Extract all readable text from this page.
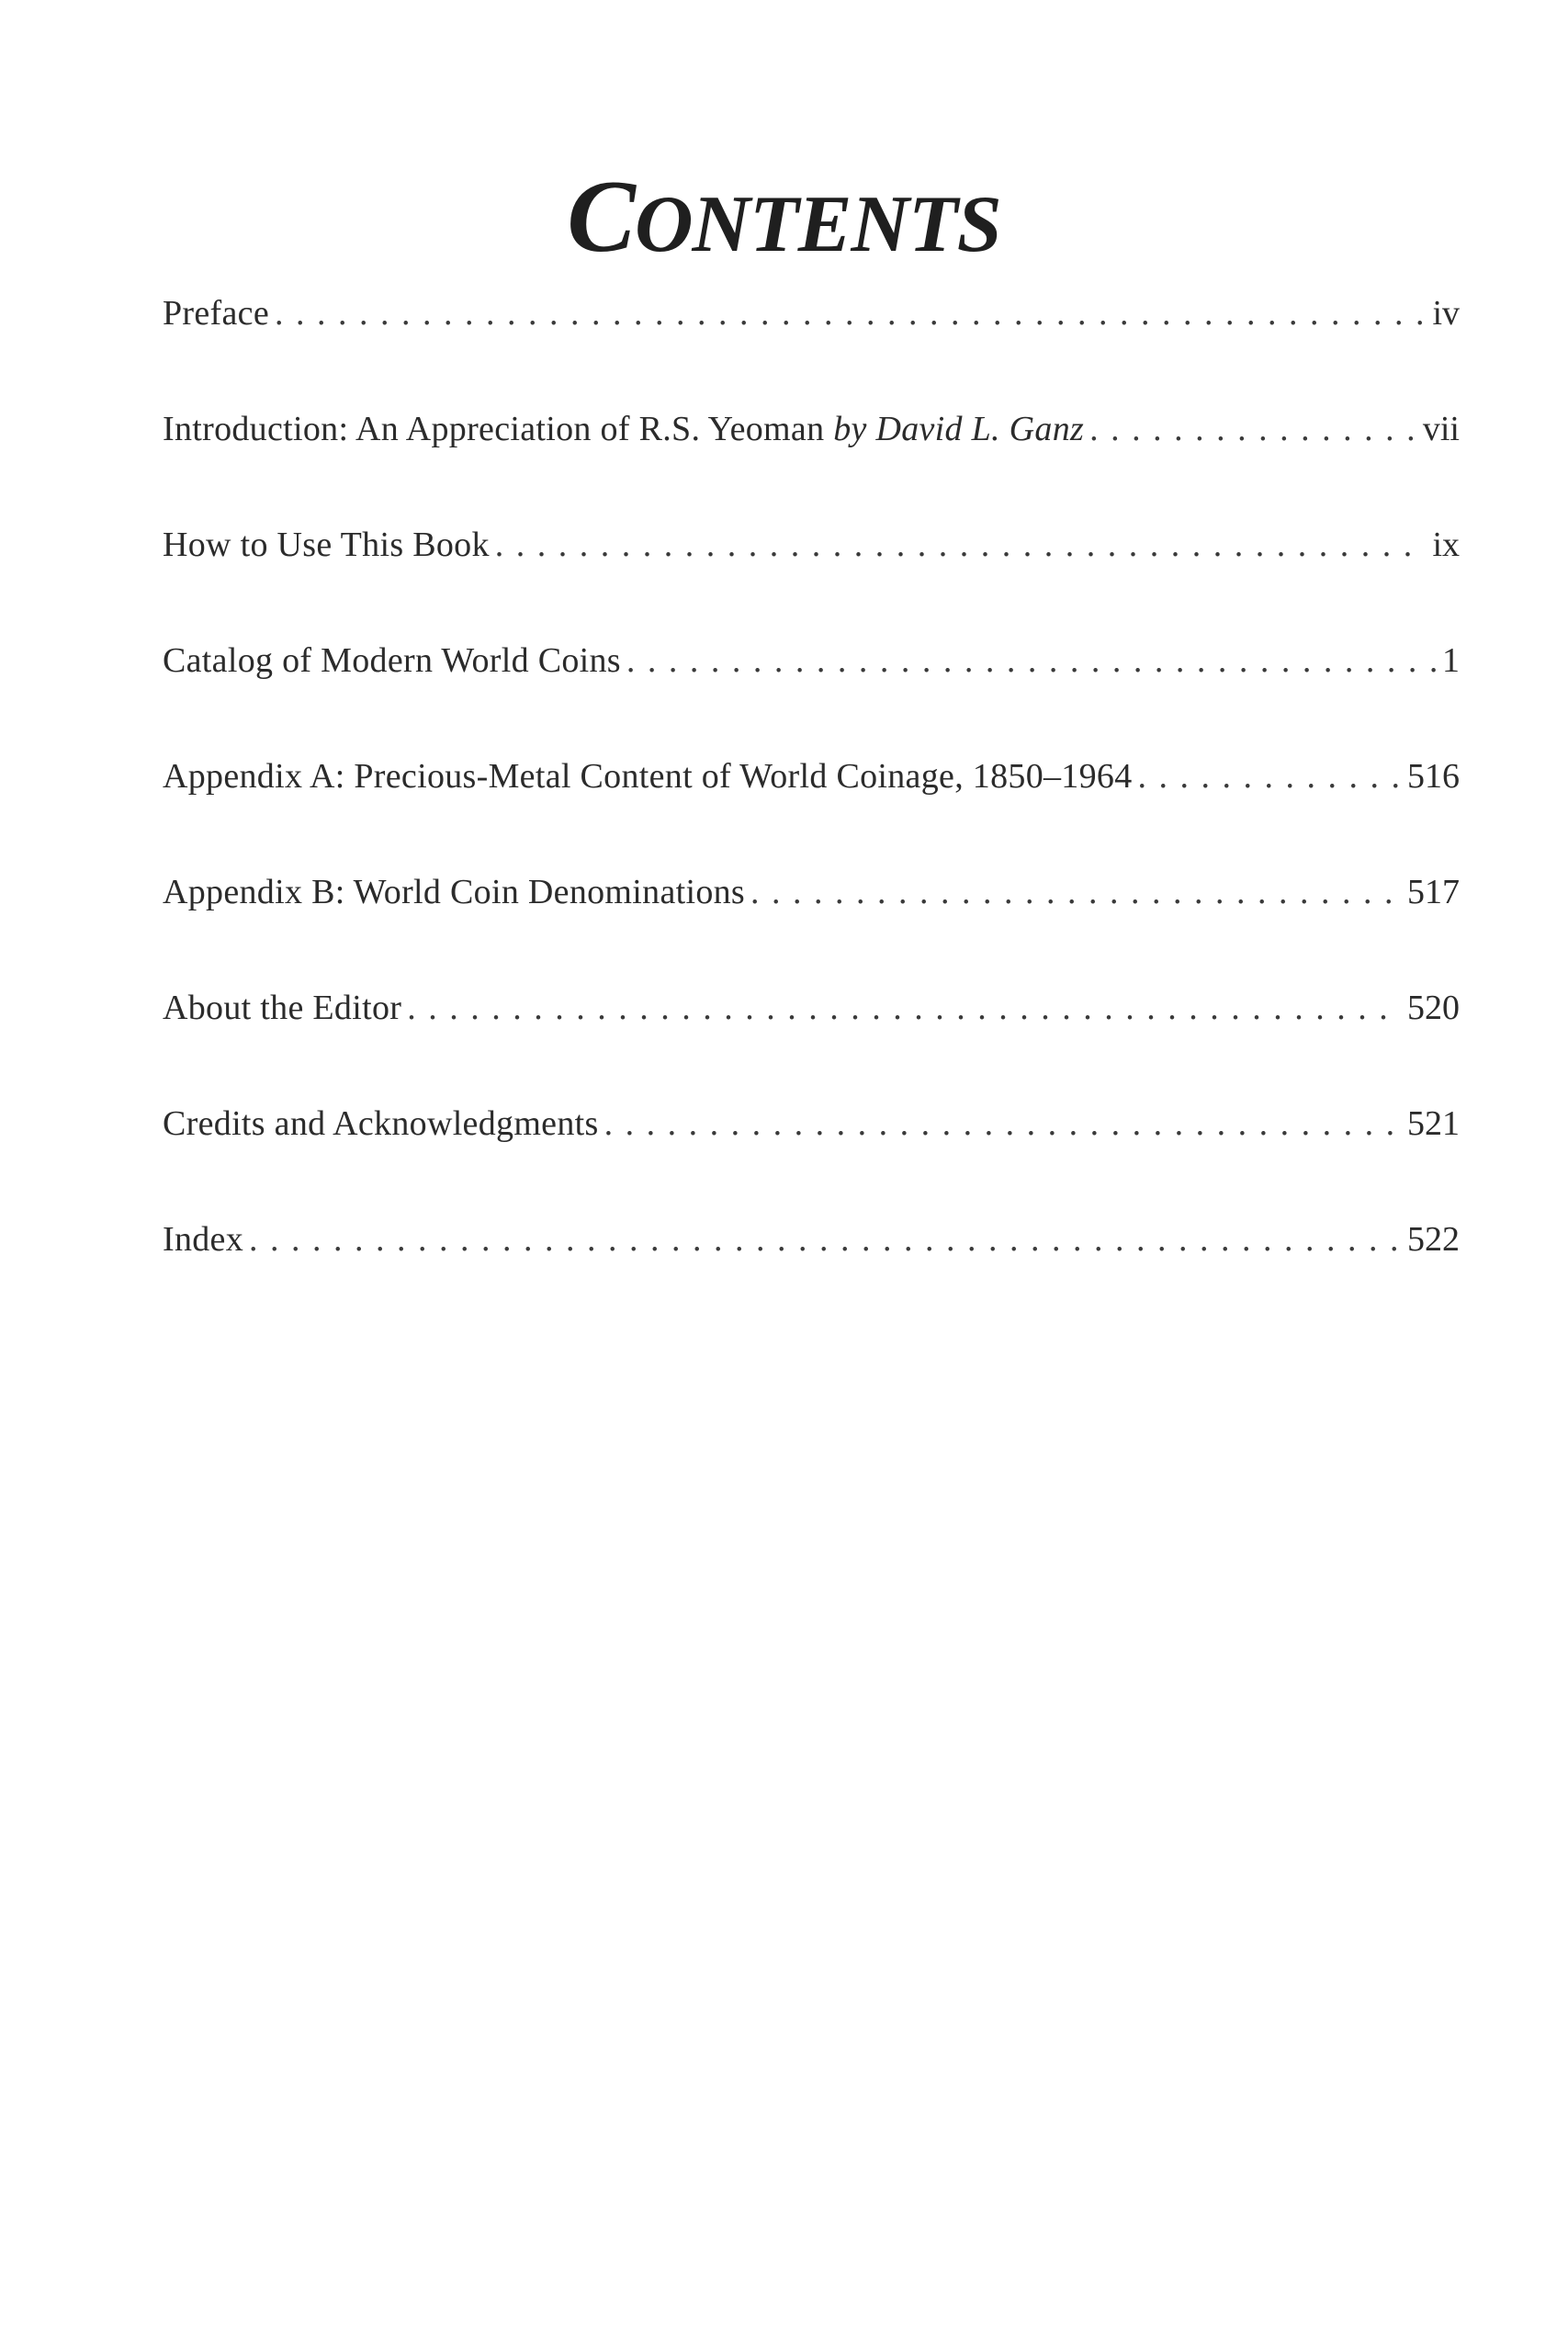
CONTENTS
Preface . . .	iv
Introduction: An Appreciation of R.S. Yeoman by David L. Ganz . . .	vii
How to Use This Book . . .	ix
Catalog of Modern World Coins . . .	1
Appendix A: Precious-Metal Content of World Coinage, 1850–1964 . . .	516
Appendix B: World Coin Denominations . . .	517
About the Editor . . .	520
Credits and Acknowledgments . . .	521
Index . . .	522
